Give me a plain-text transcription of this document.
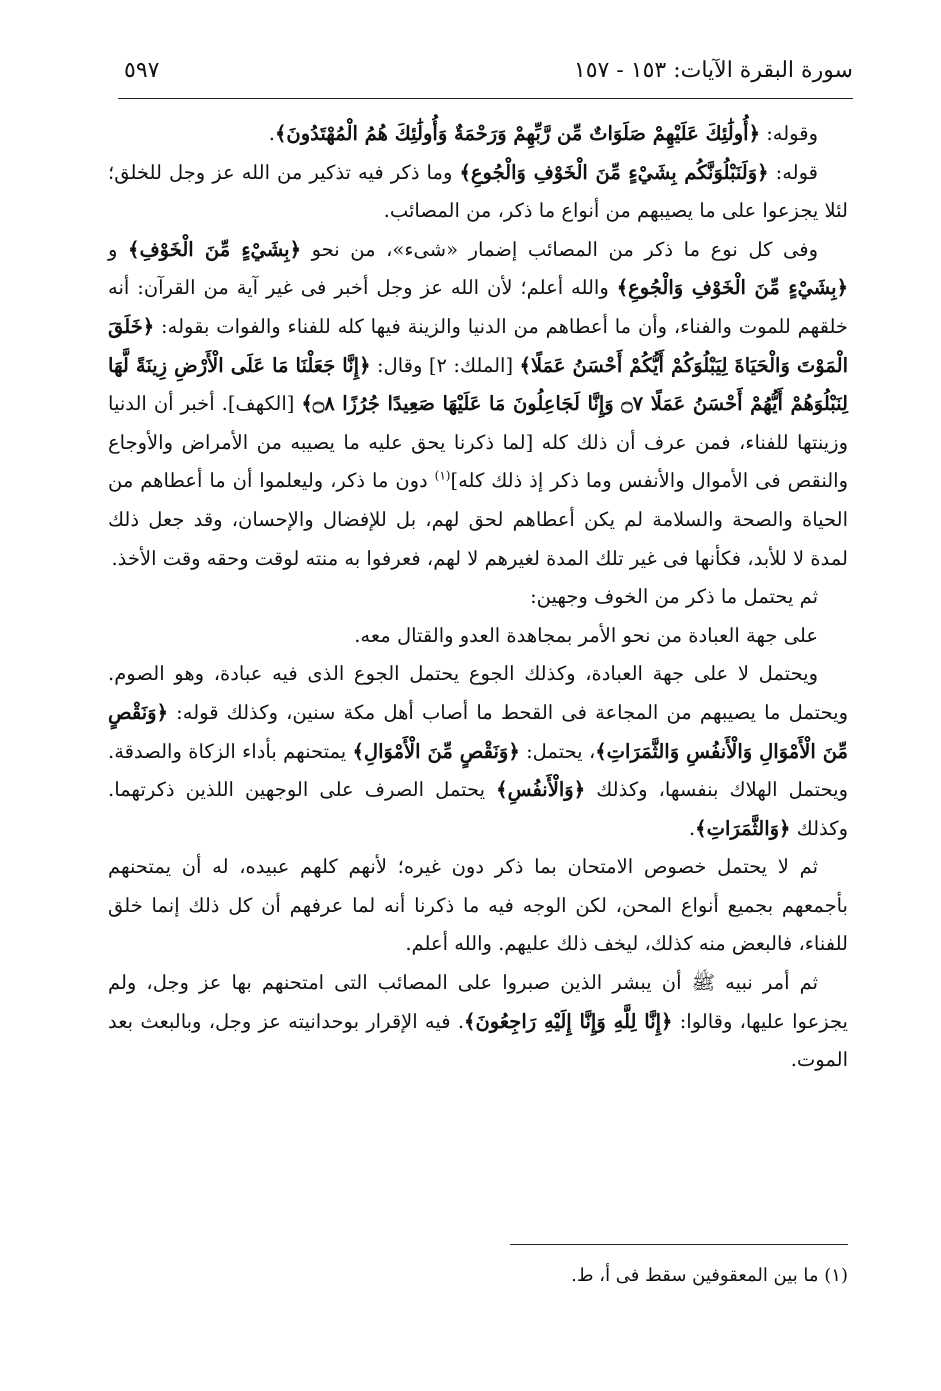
سورة البقرة الآيات: ١٥٣ - ١٥٧
٥٩٧

وقوله: ﴿أُولَٰئِكَ عَلَيْهِمْ صَلَوَاتٌ مِّن رَّبِّهِمْ وَرَحْمَةٌ وَأُولَٰئِكَ هُمُ الْمُهْتَدُونَ﴾.

قوله: ﴿وَلَنَبْلُوَنَّكُم بِشَيْءٍ مِّنَ الْخَوْفِ وَالْجُوعِ﴾ وما ذكر فيه تذكير من الله عز وجل للخلق؛ لئلا يجزعوا على ما يصيبهم من أنواع ما ذكر، من المصائب.

وفى كل نوع ما ذكر من المصائب إضمار «شىء»، من نحو ﴿بِشَيْءٍ مِّنَ الْخَوْفِ﴾ و ﴿بِشَيْءٍ مِّنَ الْخَوْفِ وَالْجُوعِ﴾ والله أعلم؛ لأن الله عز وجل أخبر فى غير آية من القرآن: أنه خلقهم للموت والفناء، وأن ما أعطاهم من الدنيا والزينة فيها كله للفناء والفوات بقوله: ﴿خَلَقَ الْمَوْتَ وَالْحَيَاةَ لِيَبْلُوَكُمْ أَيُّكُمْ أَحْسَنُ عَمَلًا﴾ [الملك: ٢] وقال: ﴿إِنَّا جَعَلْنَا مَا عَلَى الْأَرْضِ زِينَةً لَّهَا لِنَبْلُوَهُمْ أَيُّهُمْ أَحْسَنُ عَمَلًا ۝٧ وَإِنَّا لَجَاعِلُونَ مَا عَلَيْهَا صَعِيدًا جُرُزًا ۝٨﴾ [الكهف]. أخبر أن الدنيا وزينتها للفناء، فمن عرف أن ذلك كله [لما ذكرنا يحق عليه ما يصيبه من الأمراض والأوجاع والنقص فى الأموال والأنفس وما ذكر إذ ذلك كله]$^{(١)}$ دون ما ذكر، وليعلموا أن ما أعطاهم من الحياة والصحة والسلامة لم يكن أعطاهم لحق لهم، بل للإفضال والإحسان، وقد جعل ذلك لمدة لا للأبد، فكأنها فى غير تلك المدة لغيرهم لا لهم، فعرفوا به منته لوقت وحقه وقت الأخذ.

ثم يحتمل ما ذكر من الخوف وجهين:

على جهة العبادة من نحو الأمر بمجاهدة العدو والقتال معه.

ويحتمل لا على جهة العبادة، وكذلك الجوع يحتمل الجوع الذى فيه عبادة، وهو الصوم. ويحتمل ما يصيبهم من المجاعة فى القحط ما أصاب أهل مكة سنين، وكذلك قوله: ﴿وَنَقْصٍ مِّنَ الْأَمْوَالِ وَالْأَنفُسِ وَالثَّمَرَاتِ﴾، يحتمل: ﴿وَنَقْصٍ مِّنَ الْأَمْوَالِ﴾ يمتحنهم بأداء الزكاة والصدقة. ويحتمل الهلاك بنفسها، وكذلك ﴿وَالْأَنفُسِ﴾ يحتمل الصرف على الوجهين اللذين ذكرتهما. وكذلك ﴿وَالثَّمَرَاتِ﴾.

ثم لا يحتمل خصوص الامتحان بما ذكر دون غيره؛ لأنهم كلهم عبيده، له أن يمتحنهم بأجمعهم بجميع أنواع المحن، لكن الوجه فيه ما ذكرنا أنه لما عرفهم أن كل ذلك إنما خلق للفناء، فالبعض منه كذلك، ليخف ذلك عليهم. والله أعلم.

ثم أمر نبيه ﷺ أن يبشر الذين صبروا على المصائب التى امتحنهم بها عز وجل، ولم يجزعوا عليها، وقالوا: ﴿إِنَّا لِلَّهِ وَإِنَّا إِلَيْهِ رَاجِعُونَ﴾. فيه الإقرار بوحدانيته عز وجل، وبالبعث بعد الموت.

(١) ما بين المعقوفين سقط فى أ، ط.
